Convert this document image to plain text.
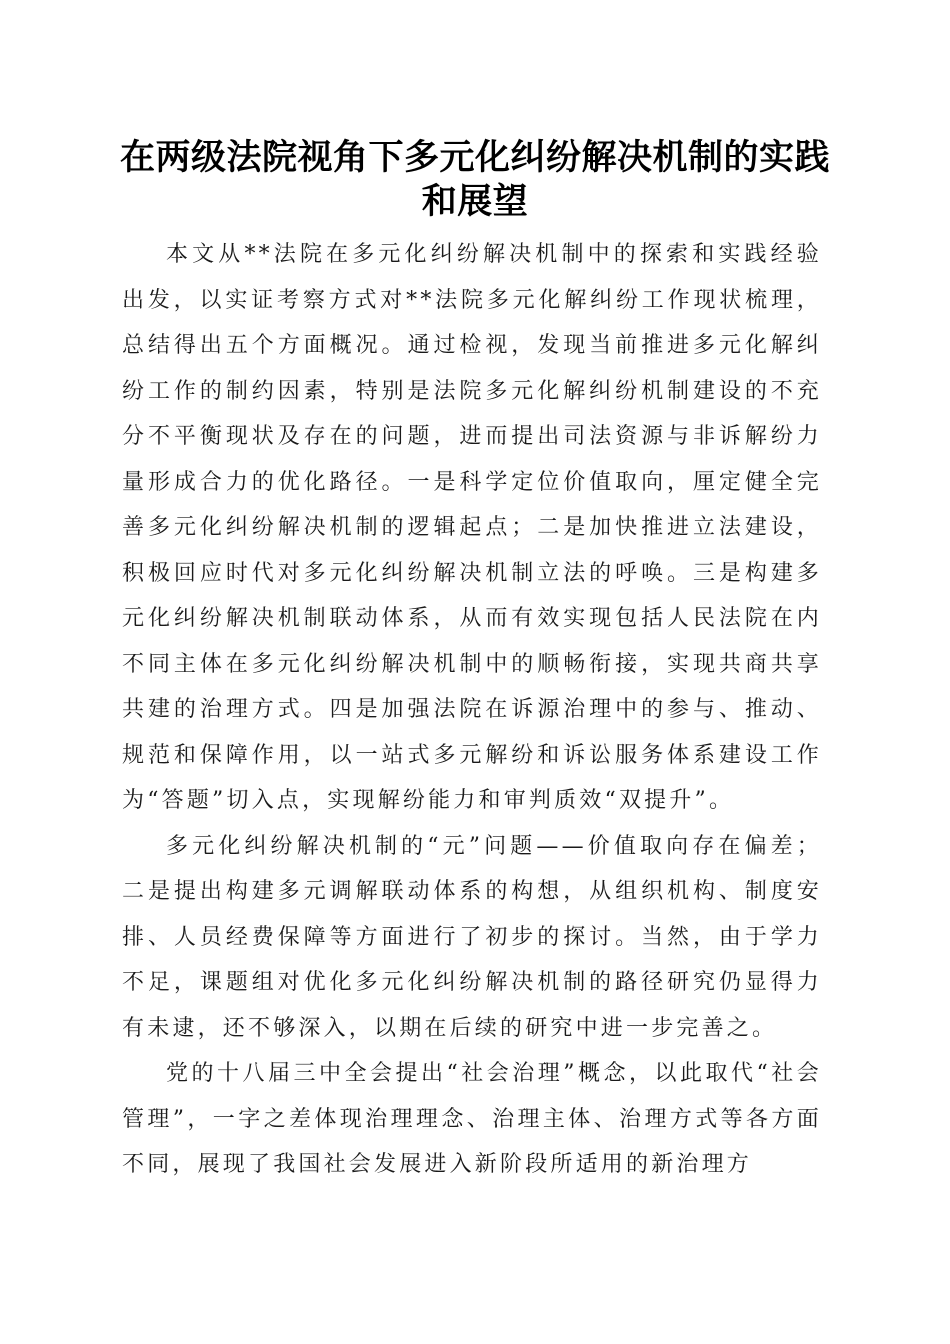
在两级法院视角下多元化纠纷解决机制的实践和展望

本文从**法院在多元化纠纷解决机制中的探索和实践经验出发，以实证考察方式对**法院多元化解纠纷工作现状梳理，总结得出五个方面概况。通过检视，发现当前推进多元化解纠纷工作的制约因素，特别是法院多元化解纠纷机制建设的不充分不平衡现状及存在的问题，进而提出司法资源与非诉解纷力量形成合力的优化路径。一是科学定位价值取向，厘定健全完善多元化纠纷解决机制的逻辑起点；二是加快推进立法建设，积极回应时代对多元化纠纷解决机制立法的呼唤。三是构建多元化纠纷解决机制联动体系，从而有效实现包括人民法院在内不同主体在多元化纠纷解决机制中的顺畅衔接，实现共商共享共建的治理方式。四是加强法院在诉源治理中的参与、推动、规范和保障作用，以一站式多元解纷和诉讼服务体系建设工作为“答题”切入点，实现解纷能力和审判质效“双提升”。

多元化纠纷解决机制的“元”问题——价值取向存在偏差；二是提出构建多元调解联动体系的构想，从组织机构、制度安排、人员经费保障等方面进行了初步的探讨。当然，由于学力不足，课题组对优化多元化纠纷解决机制的路径研究仍显得力有未逮，还不够深入，以期在后续的研究中进一步完善之。

党的十八届三中全会提出“社会治理”概念，以此取代“社会管理”，一字之差体现治理理念、治理主体、治理方式等各方面不同，展现了我国社会发展进入新阶段所适用的新治理方
